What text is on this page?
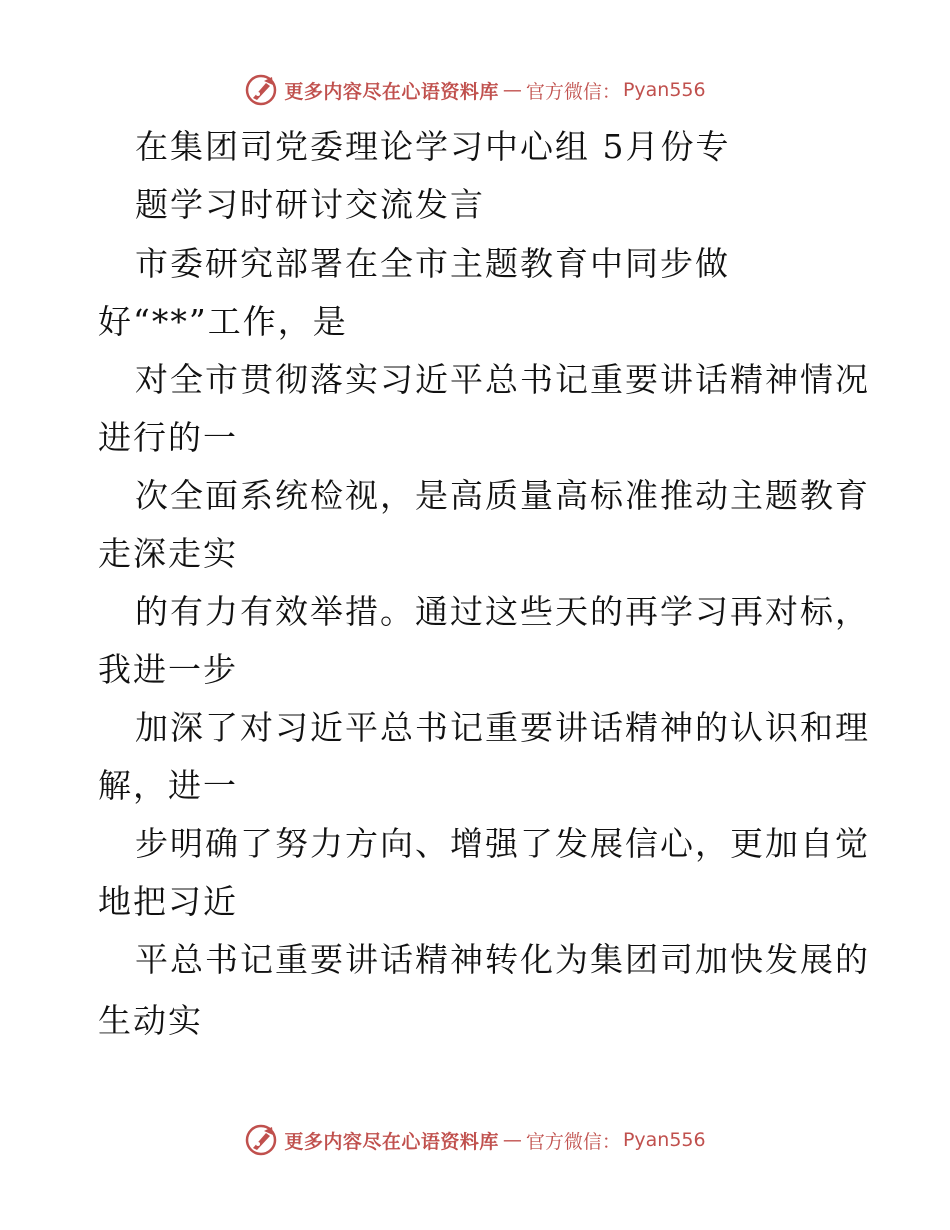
更多内容尽在心语资料库 — 官方微信： Pyan556
在集团司党委理论学习中心组 5月份专
题学习时研讨交流发言
市委研究部署在全市主题教育中同步做
好“**”工作，是
对全市贯彻落实习近平总书记重要讲话精神情况
进行的一
次全面系统检视，是高质量高标准推动主题教育
走深走实
的有力有效举措。通过这些天的再学习再对标，
我进一步
加深了对习近平总书记重要讲话精神的认识和理
解，进一
步明确了努力方向、增强了发展信心，更加自觉
地把习近
平总书记重要讲话精神转化为集团司加快发展的
生动实
更多内容尽在心语资料库 — 官方微信： Pyan556
